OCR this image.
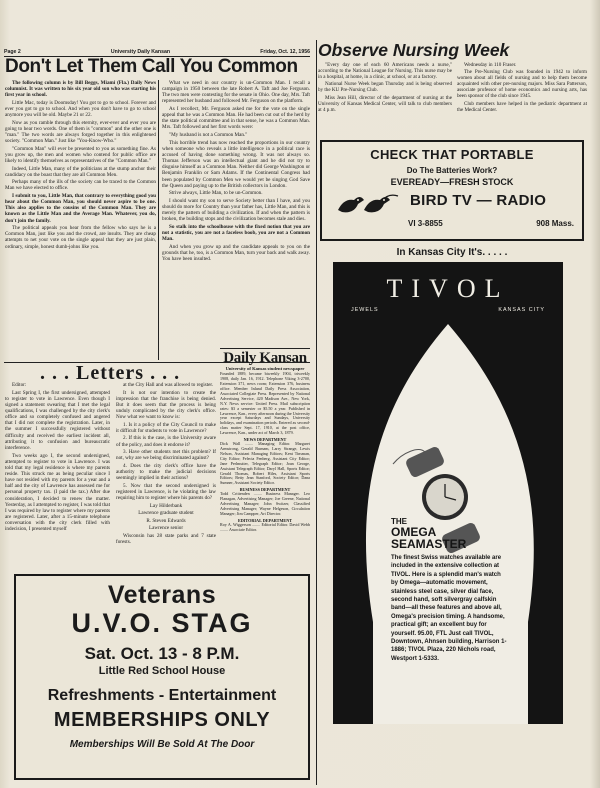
Page 2	University Daily Kansan	Friday, Oct. 12, 1956
Don't Let Them Call You Common

The following column is by Bill Beggs, Miami (Fla.) Daily News columnist. It was written to his six year old son who was starting his first year in school.

Little Mac, today is Doomsday! You got to go to school. Forever and ever you got to go to school. And when you don't have to go to school anymore you will be old. Maybe 21 or 22.

Now as you ramble through this eternity, ever-ever and ever you are going to hear two words. One of them is "common" and the other one is "man." The two words are always forged together in this enlightened society. "Common Man." Just like "You-Know-Who."

"Common Man" will ever be presented to you as something fine. As you grow up, the men and women who contend for public office are likely to identify themselves as representatives of the "Common Man."

Indeed, Little Man, many of the politicians at the stump anchor their candidacy on the boast that they are all Common Men.

Perhaps many of the ills of the society can be traced to the Common Man we have elected to office.

I submit to you, Little Man, that contrary to everything good you hear about the Common Man, you should never aspire to be one. This also applies to the cousins of the Common Man. They are known as the Little Man and the Average Man. Whatever, you do, don't join the family.

The political appeals you hear from the fellow who says he is a Common Man, just like you and the crowd, are insults. They are cheap attempts to net your vote on the single appeal that they are just plain, ordinary, simple, honest dumb-johns like you.

What we need in our country is un-Common Man. I recall a campaign in 1950 between the late Robert A. Taft and Joe Ferguson. The two men were contesting for the senate in Ohio. One day, Mrs. Taft represented her husband and followed Mr. Ferguson on the platform.

As I recollect, Mr. Ferguson asked me for the vote on the single appeal that he was a Common Man. He had been cut out of the herd by the state political committee and in that sense, he was a Common Man. Mrs. Taft followed and her first words were:

"My husband is not a Common Man."

This horrible trend has now reached the proportions in our country when someone who reveals a little intelligence in a political race is accused of having done something wrong. It was not always so. Thomas Jefferson was an intellectual giant and he did not try to disguise himself as a Common Man. Neither did George Washington or Benjamin Franklin or Sam Adams. If the Continental Congress had been populated by Common Men we would yet be singing God Save the Queen and paying up to the British collectors in London.

Strive always, Little Man, to be un-Common.

I should want my son to serve Society better than I have, and you should do more for Country than your father has, Little Man, and this is merely the pattern of building a civilization. If and when the pattern is broken, the building stops and the civilization becomes stale and dies.

So stalk into the schoolhouse with the fixed notion that you are not a statistic, you are not a faceless boob, you are not a Common Man.

And when you grow up and the candidate appeals to you on the grounds that he, too, is a Common Man, turn your back and walk away. You have been insulted.

. . . Letters . . .

Editor:

Last Spring I, the first undersigned, attempted to register to vote in Lawrence. Even though I signed a statement swearing that I met the legal qualifications, I was challenged by the city clerk's office and so completely confused and angered that I did not complete the registration. Later, in the summer I successfully registered without difficulty and received the earliest incident all, attributing it to confusion and bureaucratic interference.

Two weeks ago I, the second undersigned, attempted to register to vote in Lawrence. I was told that my legal residence is where my parents reside. This struck me as being peculiar since I have not resided with my parents for a year and a half and the city of Lawrence has assessed me for personal property tax. (I paid the tax.) After due consideration, I decided to renew the matter. Yesterday, as I attempted to register, I was told that I was required by law to register where my parents are registered. Later, after a 15-minute telephone conversation with the city clerk filled with indecision, I presented myself

at the City Hall and was allowed to register.

It is not our intention to create the impression that the franchise is being denied. But it does seem that the process is being unduly complicated by the city clerk's office. Now what we want to know is:

1. Is it a policy of the City Council to make it difficult for students to vote in Lawrence?

2. If this is the case, is the University aware of the policy, and does it endorse it?

3. Have other students met this problem? If not, why are we being discriminated against?

4. Does the city clerk's office have the authority to make the judicial decisions seemingly implied in their actions?

5. Now that the second undersigned is registered in Lawrence, is he violating the law requiring him to register where his parents do?

Lay Hilderbank

Lawrence graduate student

R. Steven Edwards

Lawrence senior

Wisconsin has 28 state parks and 7 state forests.

Daily Kansan
University of Kansas student newspaper
Founded 1889, became biweekly 1904, triweekly 1908, daily Jan. 16, 1912. Telephone Viking 3-2700, Extension 371, news room; Extension 376, business office. Member Inland Daily Press Association, Associated Collegiate Press. Represented by National Advertising Service, 420 Madison Ave., New York, N.Y. News service: United Press. Mail subscription rates: $3 a semester or $5.50 a year. Published in Lawrence, Kan., every afternoon during the University year except Saturdays and Sundays, University holidays, and examination periods. Entered as second-class matter Sept. 17, 1910, at the post office, Lawrence, Kan., under act of March 3, 1879.
NEWS DEPARTMENT
Dick Wall ........ Managing Editor. Margaret Armstrong, Gerald Burnam, Larry Strange, Lewis Nelson, Assistant Managing Editors; Kent Tinsman, City Editor; Felecia Fenberg, Assistant City Editor; Jane Perlmutter, Telegraph Editor; Joan George, Assistant Telegraph Editor; Daryl Hall, Sports Editor; Gerald Thomas, Robert Hiles, Assistant Sports Editors; Betty Jean Stanford, Society Editor; Dana Sumner, Assistant Society Editor.
BUSINESS DEPARTMENT
Todd Crittenden ........ Business Manager. Leo Flanagan, Advertising Manager; Joe Greene, National Advertising Manager; John Switzer, Classified Advertising Manager; Wayne Helgeson, Circulation Manager; Jim Campper, Art Director.
EDITORIAL DEPARTMENT
Roy A. Wiggerson ........ Editorial Editor. David Webb ........ Associate Editor.
Veterans
U.V.O. STAG
Sat. Oct. 13 - 8 P.M.
Little Red School House
Refreshments - Entertainment
MEMBERSHIPS ONLY
Memberships Will Be Sold At The Door
Observe Nursing Week

"Every day one of each 60 Americans needs a nurse," according to the National League for Nursing. This nurse may be in a hospital, at home, in a clinic, at school, or at a factory.

National Nurse Week began Thursday and is being observed by the KU Pre-Nursing Club.

Miss Jean Hill, director of the department of nursing at the University of Kansas Medical Center, will talk to club members at 4 p.m.

Wednesday in 110 Fraser.

The Pre-Nursing Club was founded in 1942 to inform women about all fields of nursing and to help them become acquainted with other pre-nursing majors. Miss Sara Patterson, associate professor of home economics and nursing arts, has been sponsor of the club since 1945.

Club members have helped in the pediatric department at the Medical Center.

CHECK THAT PORTABLE
Do The Batteries Work?
EVEREADY—FRESH STOCK
BIRD TV — RADIO
VI 3-8855	908 Mass.
In Kansas City It's. . . . .
TIVOL
JEWELS	KANSAS CITY
THE
OMEGA
SEAMASTER
The finest Swiss watches available are included in the extensive collection at TIVOL. Here is a splendid man's watch by Omega—automatic movement, stainless steel case, silver dial face, second hand, soft silvergray calfskin band—all these features and above all, Omega's precision timing. A handsome, practical gift; an excellent buy for yourself. 95.00, FTL Just call TIVOL, Downtown, Ahnsen building, Harrison 1-1886; TIVOL Plaza, 220 Nichols road, Westport 1-5333.
